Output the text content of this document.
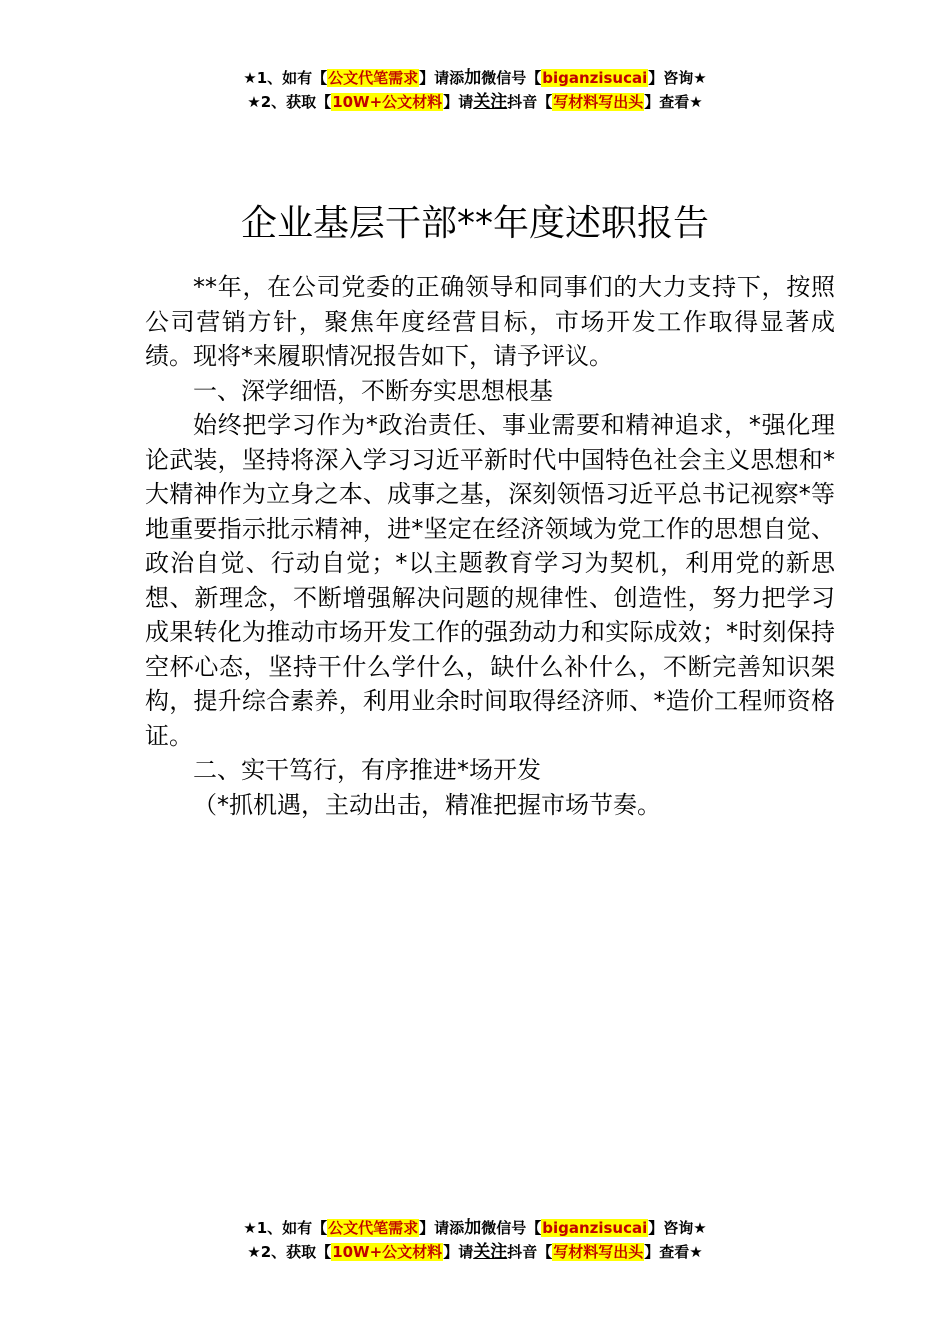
★1、如有【公文代笔需求】请添加微信号【biganzisucai】咨询★
★2、获取【10W+公文材料】请关注抖音【写材料写出头】查看★
企业基层干部**年度述职报告

**年，在公司党委的正确领导和同事们的大力支持下，按照公司营销方针，聚焦年度经营目标，市场开发工作取得显著成绩。现将*来履职情况报告如下，请予评议。

一、深学细悟，不断夯实思想根基

始终把学习作为*政治责任、事业需要和精神追求，*强化理论武装，坚持将深入学习习近平新时代中国特色社会主义思想和*大精神作为立身之本、成事之基，深刻领悟习近平总书记视察*等地重要指示批示精神，进*坚定在经济领域为党工作的思想自觉、政治自觉、行动自觉；*以主题教育学习为契机，利用党的新思想、新理念，不断增强解决问题的规律性、创造性，努力把学习成果转化为推动市场开发工作的强劲动力和实际成效；*时刻保持空杯心态，坚持干什么学什么，缺什么补什么，不断完善知识架构，提升综合素养，利用业余时间取得经济师、*造价工程师资格证。

二、实干笃行，有序推进*场开发

（*抓机遇，主动出击，精准把握市场节奏。

★1、如有【公文代笔需求】请添加微信号【biganzisucai】咨询★
★2、获取【10W+公文材料】请关注抖音【写材料写出头】查看★
